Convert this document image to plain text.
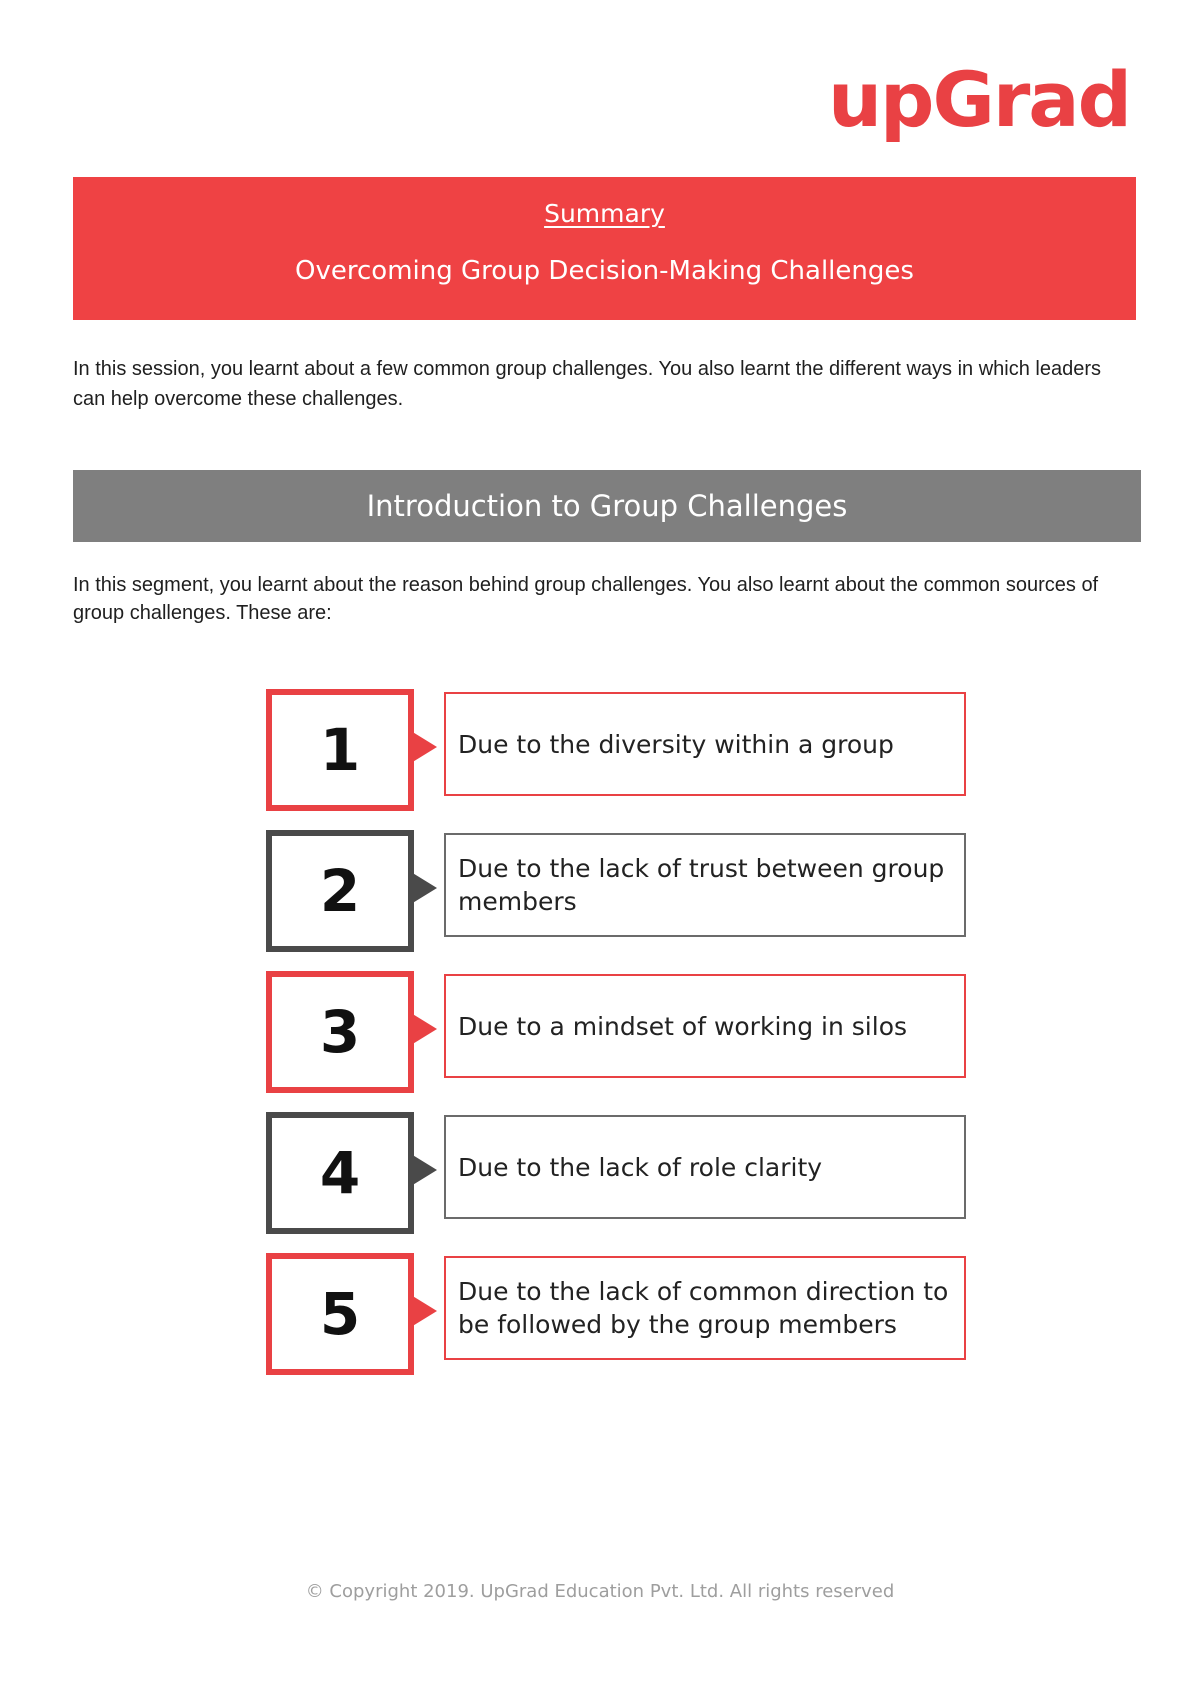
upGrad
Summary
Overcoming Group Decision-Making Challenges
In this session, you learnt about a few common group challenges. You also learnt the different ways in which leaders can help overcome these challenges.
Introduction to Group Challenges
In this segment, you learnt about the reason behind group challenges. You also learnt about the common sources of group challenges. These are:
1	Due to the diversity within a group
2	Due to the lack of trust between group members
3	Due to a mindset of working in silos
4	Due to the lack of role clarity
5	Due to the lack of common direction to be followed by the group members
© Copyright 2019. UpGrad Education Pvt. Ltd. All rights reserved
